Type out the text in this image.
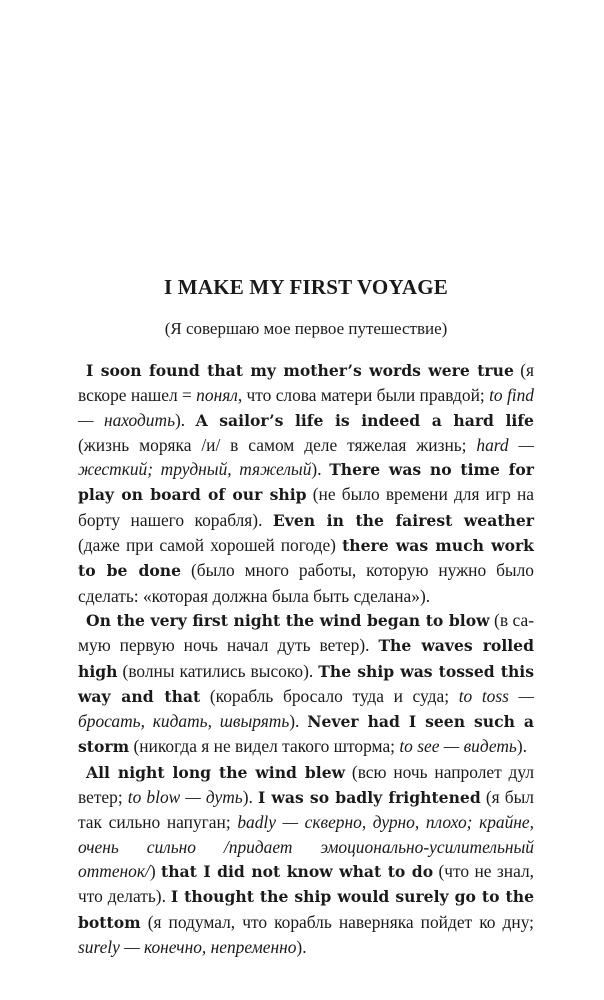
I MAKE MY FIRST VOYAGE

(Я совершаю мое первое путешествие)

I soon found that my mother’s words were true (я вскоре нашел = понял, что слова матери были правдой; to find — находить). A sailor’s life is indeed a hard life (жизнь моряка /и/ в самом деле тяжелая жизнь; hard — жесткий; трудный, тяжелый). There was no time for play on board of our ship (не было времени для игр на борту нашего корабля). Even in the fairest weather (даже при самой хорошей погоде) there was much work to be done (было много работы, которую нужно было сделать: «которая должна была быть сделана»).

On the very first night the wind began to blow (в самую первую ночь начал дуть ветер). The waves rolled high (волны катились высоко). The ship was tossed this way and that (корабль бросало туда и суда; to toss — бросать, кидать, швырять). Never had I seen such a storm (никогда я не видел такого шторма; to see — видеть).

All night long the wind blew (всю ночь напролет дул ветер; to blow — дуть). I was so badly frightened (я был так сильно напуган; badly — скверно, дурно, плохо; крайне, очень сильно /придает эмоционально-усилительный оттенок/) that I did not know what to do (что не знал, что делать). I thought the ship would surely go to the bottom (я подумал, что корабль наверняка пойдет ко дну; surely — конечно, непременно).
